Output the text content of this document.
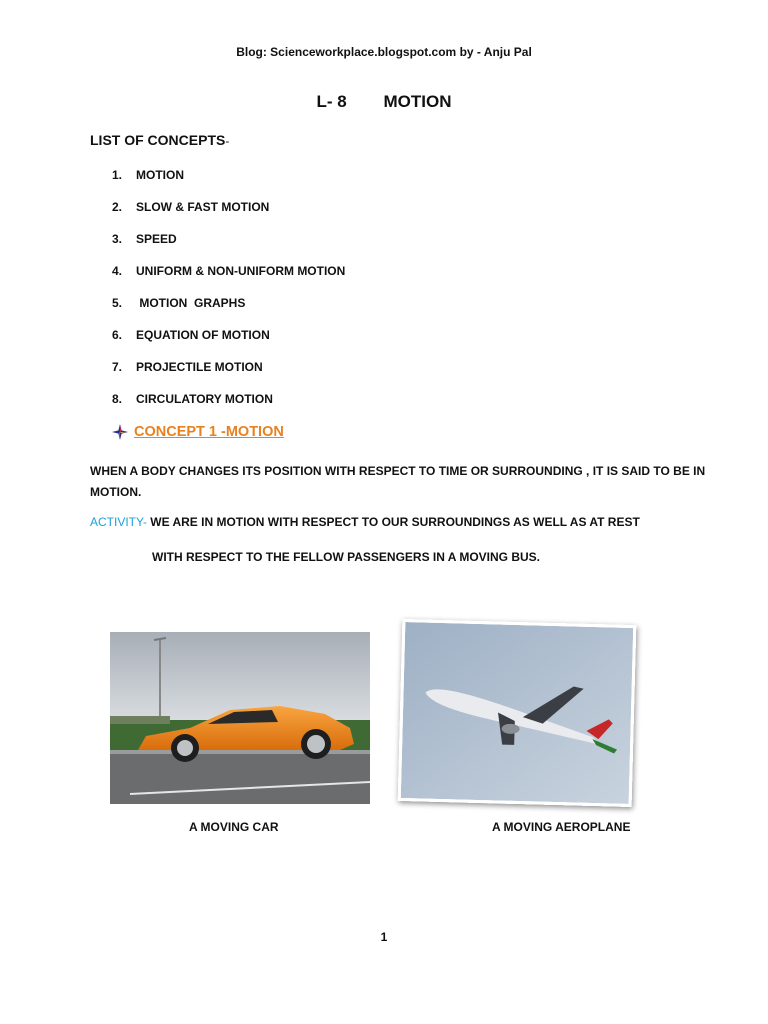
Blog: Scienceworkplace.blogspot.com by - Anju Pal
L- 8 MOTION
LIST OF CONCEPTS-
1.	MOTION
2.	SLOW & FAST MOTION
3.	SPEED
4.	UNIFORM & NON-UNIFORM MOTION
5.	MOTION  GRAPHS
6.	EQUATION OF MOTION
7.	PROJECTILE MOTION
8.	CIRCULATORY MOTION
CONCEPT 1 -MOTION
WHEN A BODY CHANGES ITS POSITION WITH RESPECT TO TIME OR SURROUNDING , IT IS SAID TO BE IN MOTION.
ACTIVITY- WE ARE IN MOTION WITH RESPECT TO OUR SURROUNDINGS AS WELL AS AT REST
WITH RESPECT TO THE FELLOW PASSENGERS IN A MOVING BUS.
A MOVING CAR	A MOVING AEROPLANE
1
